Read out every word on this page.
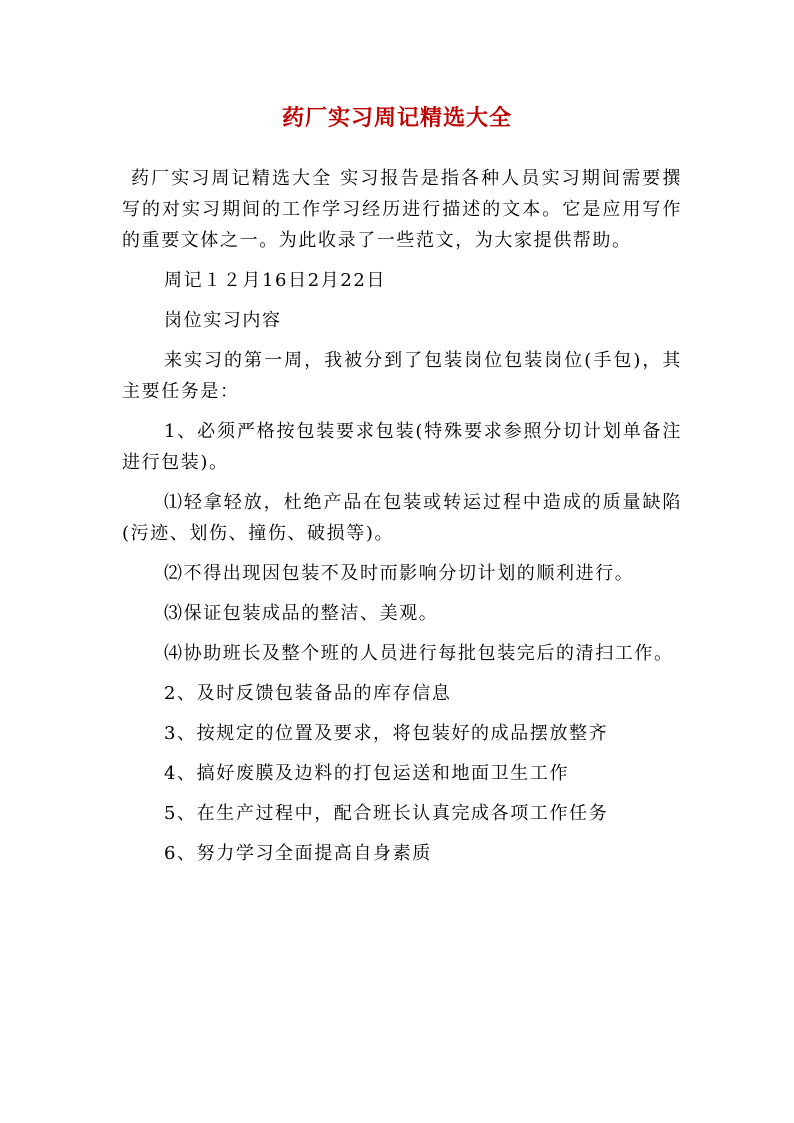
药厂实习周记精选大全

药厂实习周记精选大全 实习报告是指各种人员实习期间需要撰写的对实习期间的工作学习经历进行描述的文本。它是应用写作的重要文体之一。为此收录了一些范文，为大家提供帮助。

周记１２月16日2月22日

岗位实习内容

来实习的第一周，我被分到了包装岗位包装岗位(手包)，其主要任务是：

1、必须严格按包装要求包装(特殊要求参照分切计划单备注进行包装)。

⑴轻拿轻放，杜绝产品在包装或转运过程中造成的质量缺陷(污迹、划伤、撞伤、破损等)。

⑵不得出现因包装不及时而影响分切计划的顺利进行。

⑶保证包装成品的整洁、美观。

⑷协助班长及整个班的人员进行每批包装完后的清扫工作。

2、及时反馈包装备品的库存信息

3、按规定的位置及要求，将包装好的成品摆放整齐

4、搞好废膜及边料的打包运送和地面卫生工作

5、在生产过程中，配合班长认真完成各项工作任务

6、努力学习全面提高自身素质
